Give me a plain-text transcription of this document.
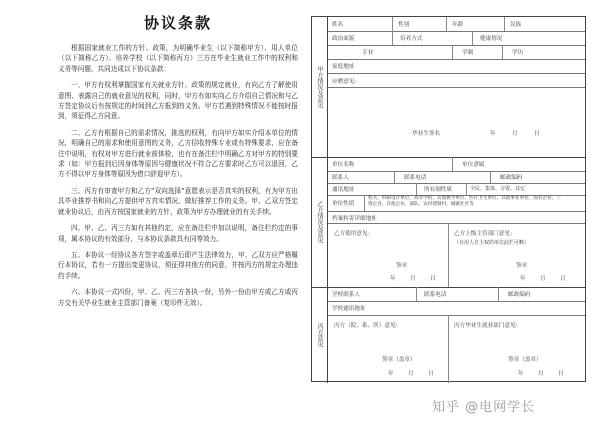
协议条款
根据国家就业工作的方针、政策，为明确毕业生（以下简称甲方）、用人单位（以下简称乙方）、培养学校（以下简称丙方）三方在毕业生就业工作中的权利和义务等问题，共同达成以下协议条款：
一、甲方有权利掌握国家有关就业方针、政策的规定就业，有向乙方了解使用意图、表露自己的就业意见的权利，同时，甲方有如实向乙方介绍自己情况和与乙方签定协议后有按规定的时间到乙方报到的义务。甲方若遇到特殊情况不能按时报到，须征得乙方同意。
二、乙方有根据自己的需求情况，挑选的权利，有向甲方如实介绍本单位的情况，明确自己的需求和使用意图的义务，乙方招收特殊专业或有特殊要求，应在备注中说明，有权对甲方进行就业前体检，也有在备注栏中明确乙方对甲方的特别要求（如：甲方报到后因身体等原因与健康状况不符合乙方要求时乙方可以退回，乙方不得以甲方身体等原因为借口辞退甲方）。
三、丙方有审查甲方和乙方“双向选择”意愿表示是否真实的权利，有为甲方出具毕业推荐书和向乙方提供甲方真实情况、做好推荐工作的义务。甲、乙双方签定就业协议后，由丙方按国家就业的方针，政策为甲方办理就业的有关手续。
四、甲、乙、丙三方如有其他约定，应在备注栏中加以说明，备注栏约定的事项，属本协议的有效部分，与本协议条款具有同等效力。
五、本协议一经协议各方签字或盖章后即产生法律效力，甲、乙双方应严格履行本协议，若有一方提出变更协议，须征得其他方的同意，并按丙方的规定办理违约手续。
六、本协议一式四份，甲、乙、丙三方各执一份，另外一份由甲方或乙方或丙方交有关毕业生就业主管部门备案（复印件无效）。
甲方情况及意见
姓名	性别	年龄	民族
政治面貌	培养方式	健康情况
专业	学制	学历
家庭地址
应聘意见：
毕业生签名	年	月	日
乙方情况及意见
单位名称	单位隶属
联系人	联系电话	邮政编码
通讯地址	所有制性质	全民、集体、合资、其它
单位性质
机关、科研设计单位、高等学校、其他教学单位、医疗卫生单位、其他事业单位、国有企业、三资企业、其他企业、部队、农村建制村、城镇社区等
档案转寄详细地址
乙方使用意见：	乙方上级主管部门意见：
（有用人自主权的单位此栏可略）
签章	签章
年	月	日	年	月	日
丙方意见
学校联系人	联系电话	邮政编码
学校通讯地址
丙方（院、系、所）意见：	丙方毕业生就业部门意见：
签章（盖章）	签章（盖章）
年	月	日	年	月	日
知乎 @电网学长
